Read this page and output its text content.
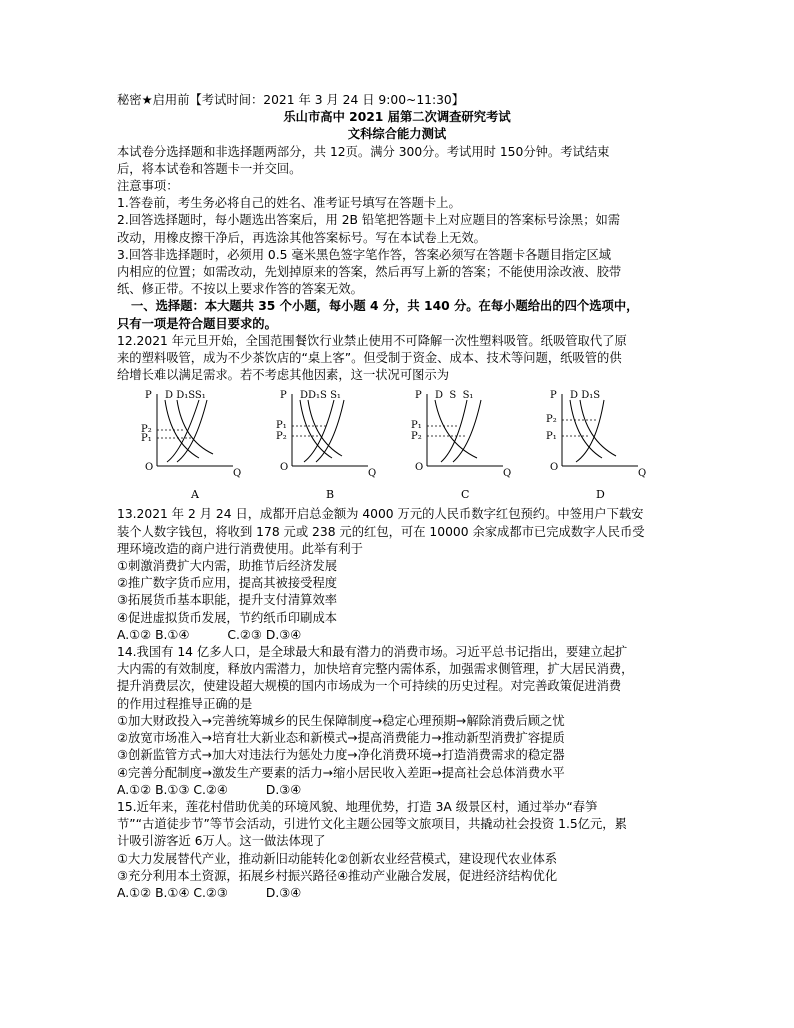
秘密★启用前【考试时间：2021 年 3 月 24 日 9:00~11:30】
乐山市高中 2021 届第二次调查研究考试
文科综合能力测试
本试卷分选择题和非选择题两部分，共 12页。满分 300分。考试用时 150分钟。考试结束
后，将本试卷和答题卡一并交回。
注意事项：
1.答卷前，考生务必将自己的姓名、准考证号填写在答题卡上。
2.回答选择题时，每小题选出答案后，用 2B 铅笔把答题卡上对应题目的答案标号涂黑；如需
改动，用橡皮擦干净后，再选涂其他答案标号。写在本试卷上无效。
3.回答非选择题时，必须用 0.5 毫米黑色签字笔作答，答案必须写在答题卡各题目指定区域
内相应的位置；如需改动，先划掉原来的答案，然后再写上新的答案；不能使用涂改液、胶带
纸、修正带。不按以上要求作答的答案无效。
一、选择题：本大题共 35 个小题，每小题 4 分，共 140 分。在每小题给出的四个选项中，
只有一项是符合题目要求的。
12.2021 年元旦开始，全国范围餐饮行业禁止使用不可降解一次性塑料吸管。纸吸管取代了原
来的塑料吸管，成为不少茶饮店的“桌上客”。但受制于资金、成本、技术等问题，纸吸管的供
给增长难以满足需求。若不考虑其他因素，这一状况可图示为
P D D₁SS₁
P₂
P₁
O
Q
A
P DD₁S S₁
P₁
P₂
O
Q
B
P D  S  S₁
P₁
P₂
O
Q
C
P D D₁S
P₂
P₁
O
Q
D
13.2021 年 2 月 24 日，成都开启总金额为 4000 万元的人民币数字红包预约。中签用户下载安
装个人数字钱包，将收到 178 元或 238 元的红包，可在 10000 余家成都市已完成数字人民币受
理环境改造的商户进行消费使用。此举有利于
①刺激消费扩大内需，助推节后经济发展
②推广数字货币应用，提高其被接受程度
③拓展货币基本职能，提升支付清算效率
④促进虚拟货币发展，节约纸币印刷成本
A.①② B.①④	C.②③ D.③④
14.我国有 14 亿多人口，是全球最大和最有潜力的消费市场。习近平总书记指出，要建立起扩
大内需的有效制度，释放内需潜力，加快培育完整内需体系，加强需求侧管理，扩大居民消费，
提升消费层次，使建设超大规模的国内市场成为一个可持续的历史过程。对完善政策促进消费
的作用过程推导正确的是
①加大财政投入→完善统筹城乡的民生保障制度→稳定心理预期→解除消费后顾之忧
②放宽市场准入→培育壮大新业态和新模式→提高消费能力→推动新型消费扩容提质
③创新监管方式→加大对违法行为惩处力度→净化消费环境→打造消费需求的稳定器
④完善分配制度→激发生产要素的活力→缩小居民收入差距→提高社会总体消费水平
A.①② B.①③ C.②④	D.③④
15.近年来，莲花村借助优美的环境风貌、地理优势，打造 3A 级景区村，通过举办“春笋
节”“古道徒步节”等节会活动，引进竹文化主题公园等文旅项目，共撬动社会投资 1.5亿元，累
计吸引游客近 6万人。这一做法体现了
①大力发展替代产业，推动新旧动能转化②创新农业经营模式，建设现代农业体系
③充分利用本土资源，拓展乡村振兴路径④推动产业融合发展，促进经济结构优化
A.①② B.①④ C.②③	D.③④
